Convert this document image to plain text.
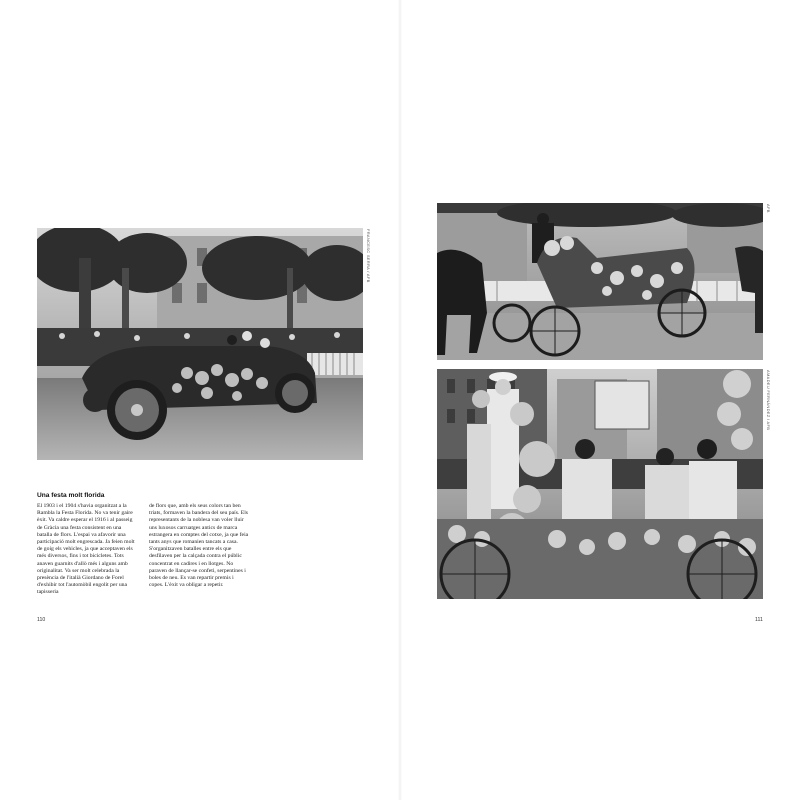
FRANCESC SERRA / AFB
Una festa molt florida

El 1903 i el 1904 s'havia organitzat a la Rambla la Festa Florida. No va tenir gaire èxit. Va caldre esperar el 1916 i al passeig de Gràcia una festa consistent en una batalla de flors. L'espai va afavorir una participació molt engrescada. Ja feien molt de goig els vehicles, ja que acceptaven els més diversos, fins i tot bicicletes. Tots anaven guarnits d'allò més i alguns amb originalitat. Va ser molt celebrada la presència de l'italià Giordano de Forel d'exhibir tot l'automòbil engolit per una tapisseria

de flors que, amb els seus colors tan ben triats, formaven la bandera del seu país. Els representants de la noblesa van voler lluir uns luxosos carruatges antics de marca estrangera en comptes del cotxe, ja que feia tants anys que romanien tancats a casa. S'organitzaven batalles entre els que desfilaven per la calçada contra el públic concentrat en cadires i en llotges. No paraven de llançar-se confeti, serpentines i boles de neu. Es van repartir premis i copes. L'èxit va obligar a repetir.

110
AFB
AMADEU FERNÁNDEZ / AFB
111
